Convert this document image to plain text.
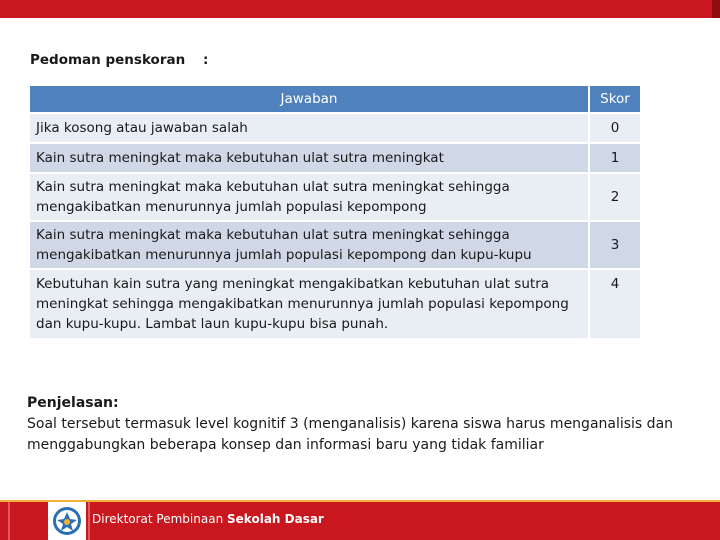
Pedoman penskoran :
Jawaban	Skor
Jika kosong atau jawaban salah	0
Kain sutra meningkat maka kebutuhan ulat sutra meningkat	1
Kain sutra meningkat maka kebutuhan ulat sutra meningkat sehingga mengakibatkan menurunnya jumlah populasi kepompong	2
Kain sutra meningkat maka kebutuhan ulat sutra meningkat sehingga mengakibatkan menurunnya jumlah populasi kepompong dan kupu-kupu	3
Kebutuhan kain sutra yang meningkat mengakibatkan kebutuhan ulat sutra meningkat sehingga mengakibatkan menurunnya jumlah populasi kepompong dan kupu-kupu. Lambat laun kupu-kupu bisa punah.	4
Penjelasan:
Soal tersebut termasuk level kognitif 3 (menganalisis) karena siswa harus menganalisis dan menggabungkan beberapa konsep dan informasi baru yang tidak familiar
Direktorat Pembinaan Sekolah Dasar
